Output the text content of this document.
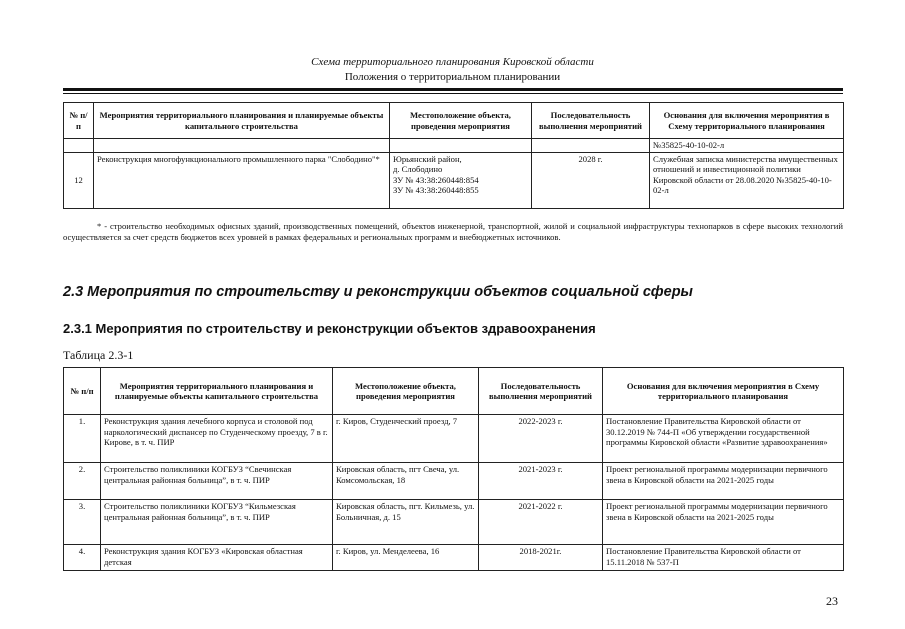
Схема территориального планирования Кировской области
Положения о территориальном планировании
№ п/п	Мероприятия территориального планирования и планируемые объекты капитального строительства	Местоположение объекта, проведения мероприятия	Последовательность выполнения мероприятий	Основания для включения мероприятия в Схему территориального планирования
				№35825-40-10-02-л
12	Реконструкция многофункционального промышленного парка "Слободино"*	Юрьянский район,
д. Слободино
ЗУ № 43:38:260448:854
ЗУ № 43:38:260448:855	2028 г.	Служебная записка министерства имущественных отношений и инвестиционной политики Кировской области от 28.08.2020 №35825-40-10-02-л
* - строительство необходимых офисных зданий, производственных помещений, объектов инженерной, транспортной, жилой и социальной инфраструктуры технопарков в сфере высоких технологий осуществляется за счет средств бюджетов всех уровней в рамках федеральных и региональных программ и внебюджетных источников.
2.3 Мероприятия по строительству и реконструкции объектов социальной сферы
2.3.1 Мероприятия по строительству и реконструкции объектов здравоохранения
Таблица 2.3-1
№ п/п	Мероприятия территориального планирования и планируемые объекты капитального строительства	Местоположение объекта, проведения мероприятия	Последовательность выполнения мероприятий	Основания для включения мероприятия в Схему территориального планирования
1.	Реконструкция здания лечебного корпуса и столовой под наркологический диспансер по Студенческому проезду, 7 в г. Кирове, в т. ч. ПИР	г. Киров, Студенческий проезд, 7	2022-2023 г.	Постановление Правительства Кировской области от 30.12.2019 № 744-П «Об утверждении государственной программы Кировской области «Развитие здравоохранения»
2.	Строительство поликлиники КОГБУЗ “Свечинская центральная районная больница”, в т. ч. ПИР	Кировская область, пгт Свеча, ул. Комсомольская, 18	2021-2023 г.	Проект региональной программы модернизации первичного звена в Кировской области на 2021-2025 годы
3.	Строительство поликлиники КОГБУЗ “Кильмезская центральная районная больница”, в т. ч. ПИР	Кировская область, пгт. Кильмезь, ул. Больничная, д. 15	2021-2022 г.	Проект региональной программы модернизации первичного звена в Кировской области на 2021-2025 годы
4.	Реконструкция здания КОГБУЗ «Кировская областная детская	г. Киров, ул. Менделеева, 16	2018-2021г.	Постановление Правительства Кировской области от 15.11.2018 № 537-П
23
